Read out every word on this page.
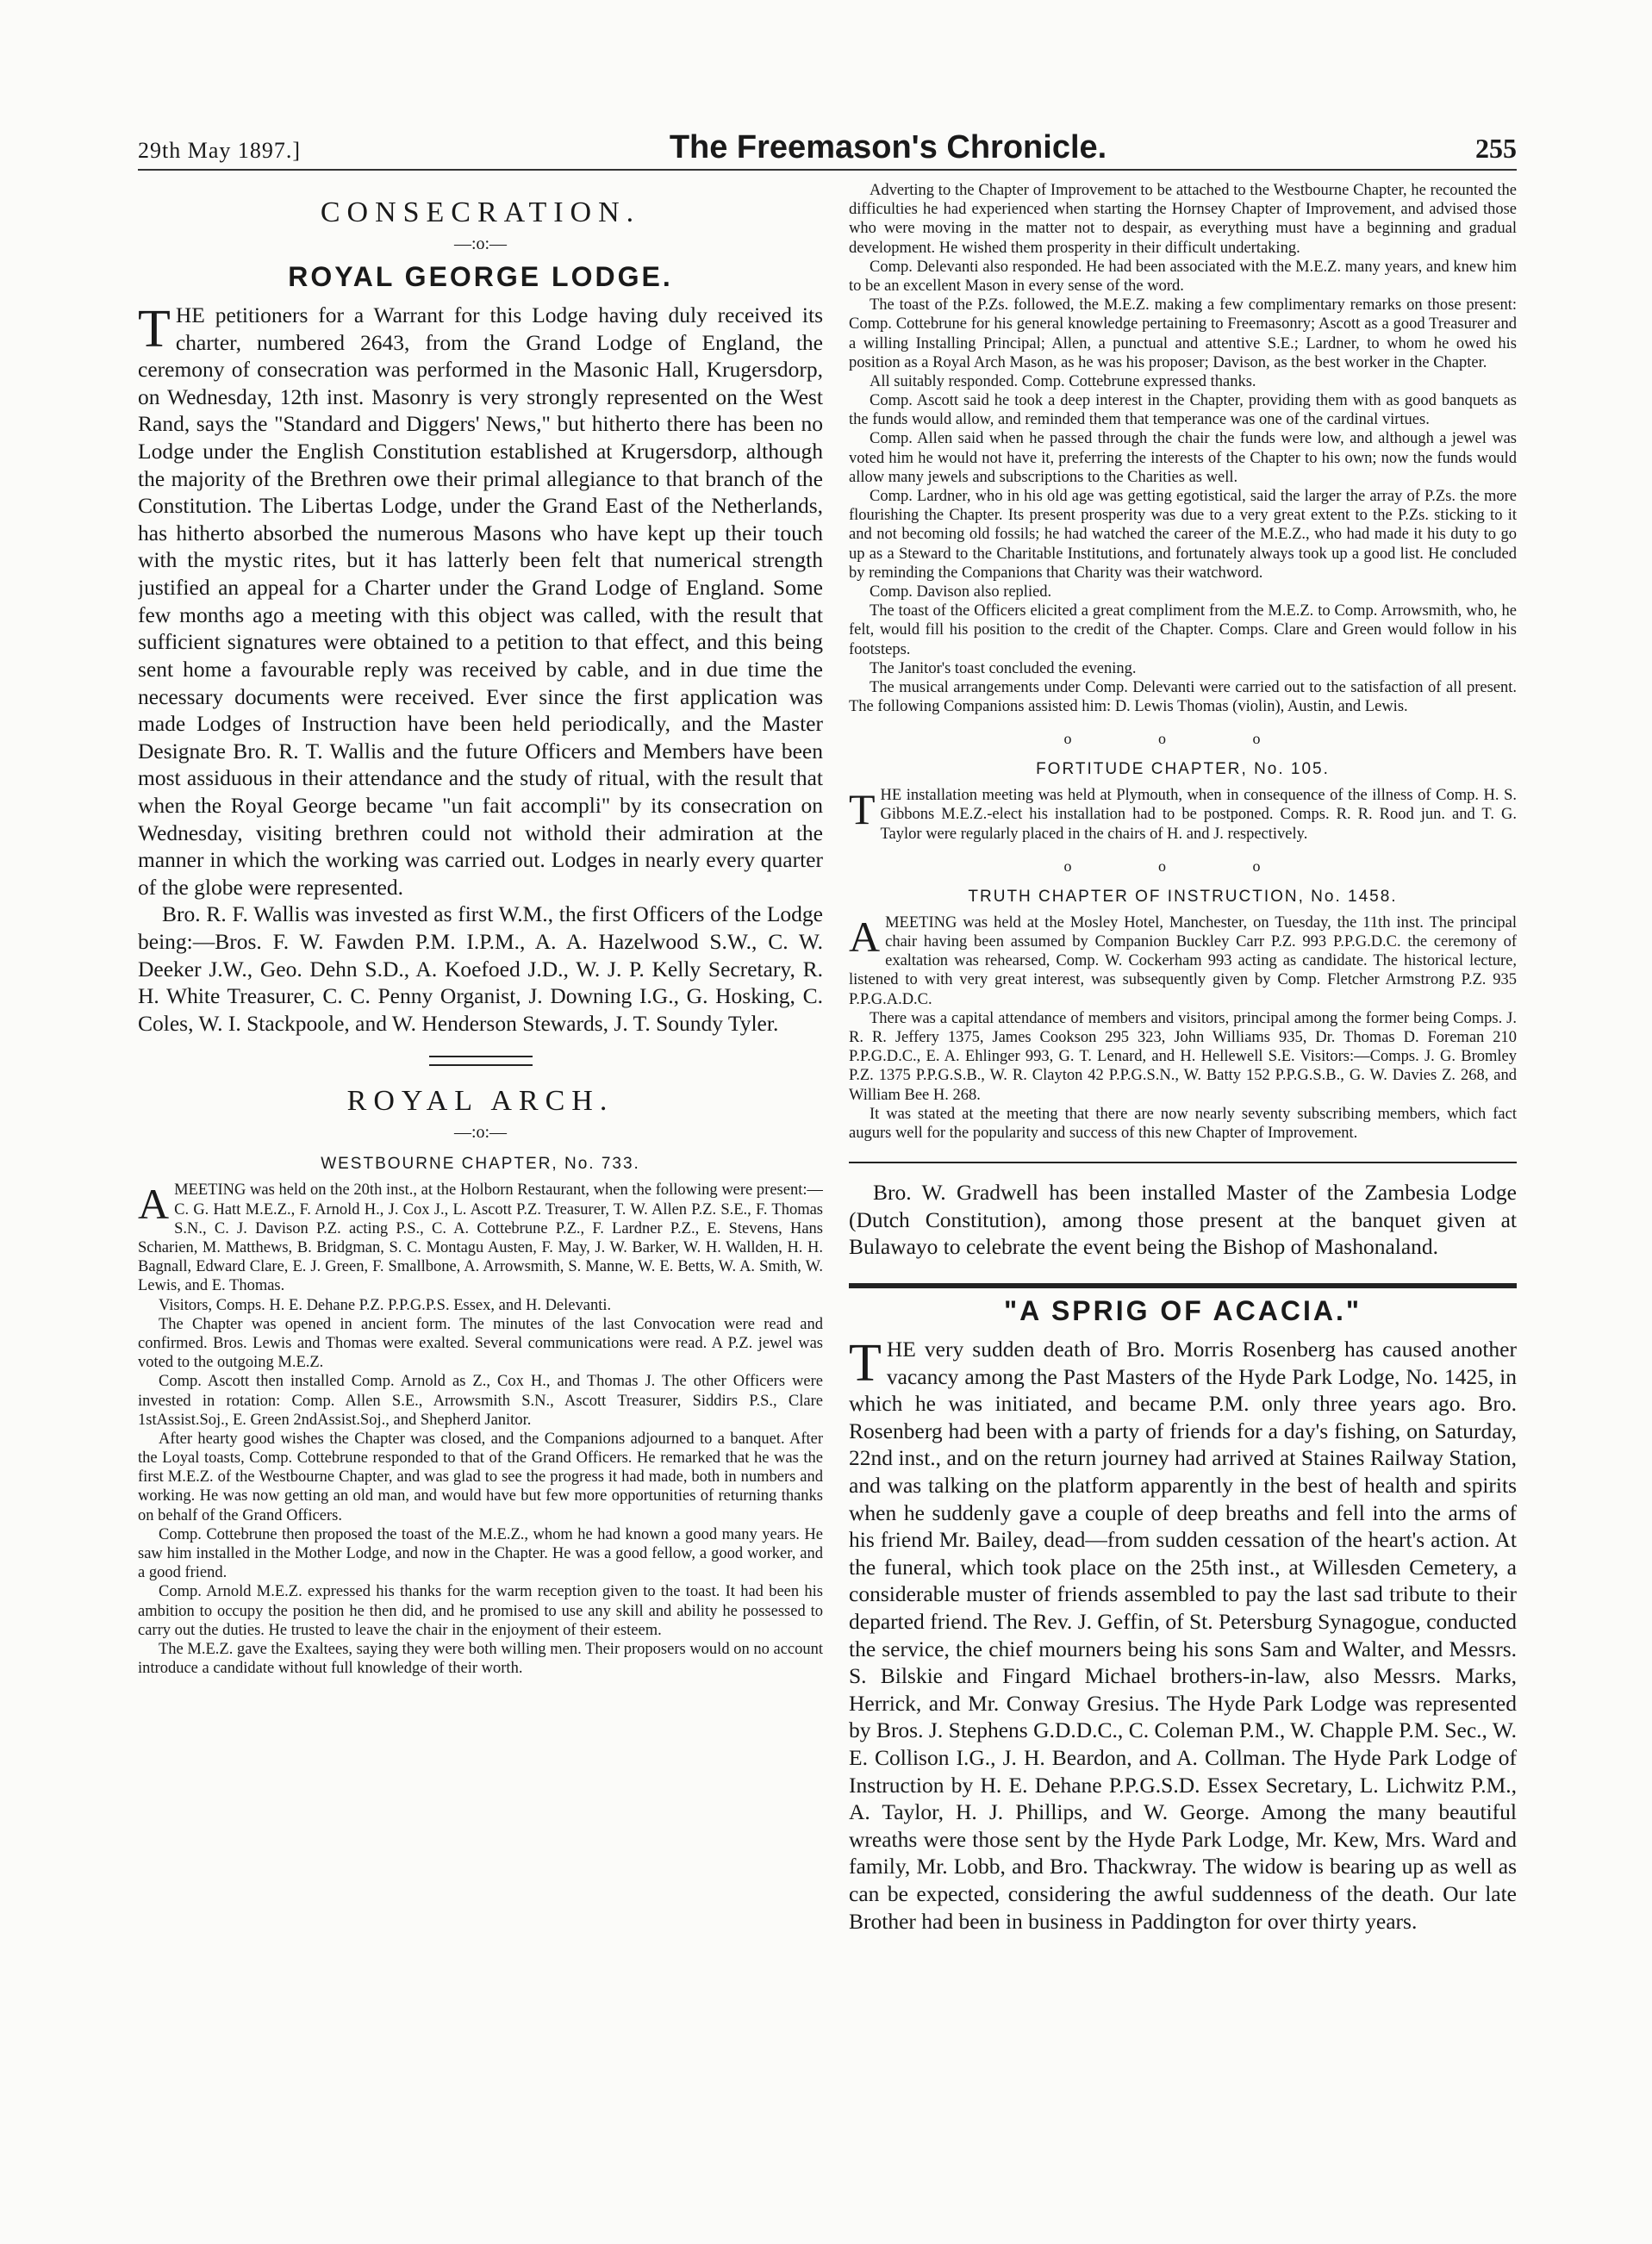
29th May 1897.]	The Freemason's Chronicle.	255
CONSECRATION.
—:o:—
ROYAL GEORGE LODGE.

THE petitioners for a Warrant for this Lodge having duly received its charter, numbered 2643, from the Grand Lodge of England, the ceremony of consecration was performed in the Masonic Hall, Krugersdorp, on Wednesday, 12th inst. Masonry is very strongly represented on the West Rand, says the "Standard and Diggers' News," but hitherto there has been no Lodge under the English Constitution established at Krugersdorp, although the majority of the Brethren owe their primal allegiance to that branch of the Constitution. The Libertas Lodge, under the Grand East of the Netherlands, has hitherto absorbed the numerous Masons who have kept up their touch with the mystic rites, but it has latterly been felt that numerical strength justified an appeal for a Charter under the Grand Lodge of England. Some few months ago a meeting with this object was called, with the result that sufficient signatures were obtained to a petition to that effect, and this being sent home a favourable reply was received by cable, and in due time the necessary documents were received. Ever since the first application was made Lodges of Instruction have been held periodically, and the Master Designate Bro. R. T. Wallis and the future Officers and Members have been most assiduous in their attendance and the study of ritual, with the result that when the Royal George became "un fait accompli" by its consecration on Wednesday, visiting brethren could not withold their admiration at the manner in which the working was carried out. Lodges in nearly every quarter of the globe were represented.

Bro. R. F. Wallis was invested as first W.M., the first Officers of the Lodge being:—Bros. F. W. Fawden P.M. I.P.M., A. A. Hazelwood S.W., C. W. Deeker J.W., Geo. Dehn S.D., A. Koefoed J.D., W. J. P. Kelly Secretary, R. H. White Treasurer, C. C. Penny Organist, J. Downing I.G., G. Hosking, C. Coles, W. I. Stackpoole, and W. Henderson Stewards, J. T. Soundy Tyler.

ROYAL ARCH.
—:o:—
WESTBOURNE CHAPTER, No. 733.

AMEETING was held on the 20th inst., at the Holborn Restaurant, when the following were present:—C. G. Hatt M.E.Z., F. Arnold H., J. Cox J., L. Ascott P.Z. Treasurer, T. W. Allen P.Z. S.E., F. Thomas S.N., C. J. Davison P.Z. acting P.S., C. A. Cottebrune P.Z., F. Lardner P.Z., E. Stevens, Hans Scharien, M. Matthews, B. Bridgman, S. C. Montagu Austen, F. May, J. W. Barker, W. H. Wallden, H. H. Bagnall, Edward Clare, E. J. Green, F. Smallbone, A. Arrowsmith, S. Manne, W. E. Betts, W. A. Smith, W. Lewis, and E. Thomas.

Visitors, Comps. H. E. Dehane P.Z. P.P.G.P.S. Essex, and H. Delevanti.

The Chapter was opened in ancient form. The minutes of the last Convocation were read and confirmed. Bros. Lewis and Thomas were exalted. Several communications were read. A P.Z. jewel was voted to the outgoing M.E.Z.

Comp. Ascott then installed Comp. Arnold as Z., Cox H., and Thomas J. The other Officers were invested in rotation: Comp. Allen S.E., Arrowsmith S.N., Ascott Treasurer, Siddirs P.S., Clare 1stAssist.Soj., E. Green 2ndAssist.Soj., and Shepherd Janitor.

After hearty good wishes the Chapter was closed, and the Companions adjourned to a banquet. After the Loyal toasts, Comp. Cottebrune responded to that of the Grand Officers. He remarked that he was the first M.E.Z. of the Westbourne Chapter, and was glad to see the progress it had made, both in numbers and working. He was now getting an old man, and would have but few more opportunities of returning thanks on behalf of the Grand Officers.

Comp. Cottebrune then proposed the toast of the M.E.Z., whom he had known a good many years. He saw him installed in the Mother Lodge, and now in the Chapter. He was a good fellow, a good worker, and a good friend.

Comp. Arnold M.E.Z. expressed his thanks for the warm reception given to the toast. It had been his ambition to occupy the position he then did, and he promised to use any skill and ability he possessed to carry out the duties. He trusted to leave the chair in the enjoyment of their esteem.

The M.E.Z. gave the Exaltees, saying they were both willing men. Their proposers would on no account introduce a candidate without full knowledge of their worth.

Adverting to the Chapter of Improvement to be attached to the Westbourne Chapter, he recounted the difficulties he had experienced when starting the Hornsey Chapter of Improvement, and advised those who were moving in the matter not to despair, as everything must have a beginning and gradual development. He wished them prosperity in their difficult undertaking.

Comp. Delevanti also responded. He had been associated with the M.E.Z. many years, and knew him to be an excellent Mason in every sense of the word.

The toast of the P.Zs. followed, the M.E.Z. making a few complimentary remarks on those present: Comp. Cottebrune for his general knowledge pertaining to Freemasonry; Ascott as a good Treasurer and a willing Installing Principal; Allen, a punctual and attentive S.E.; Lardner, to whom he owed his position as a Royal Arch Mason, as he was his proposer; Davison, as the best worker in the Chapter.

All suitably responded. Comp. Cottebrune expressed thanks.

Comp. Ascott said he took a deep interest in the Chapter, providing them with as good banquets as the funds would allow, and reminded them that temperance was one of the cardinal virtues.

Comp. Allen said when he passed through the chair the funds were low, and although a jewel was voted him he would not have it, preferring the interests of the Chapter to his own; now the funds would allow many jewels and subscriptions to the Charities as well.

Comp. Lardner, who in his old age was getting egotistical, said the larger the array of P.Zs. the more flourishing the Chapter. Its present prosperity was due to a very great extent to the P.Zs. sticking to it and not becoming old fossils; he had watched the career of the M.E.Z., who had made it his duty to go up as a Steward to the Charitable Institutions, and fortunately always took up a good list. He concluded by reminding the Companions that Charity was their watchword.

Comp. Davison also replied.

The toast of the Officers elicited a great compliment from the M.E.Z. to Comp. Arrowsmith, who, he felt, would fill his position to the credit of the Chapter. Comps. Clare and Green would follow in his footsteps.

The Janitor's toast concluded the evening.

The musical arrangements under Comp. Delevanti were carried out to the satisfaction of all present. The following Companions assisted him: D. Lewis Thomas (violin), Austin, and Lewis.

o o o
FORTITUDE CHAPTER, No. 105.

THE installation meeting was held at Plymouth, when in consequence of the illness of Comp. H. S. Gibbons M.E.Z.-elect his installation had to be postponed. Comps. R. R. Rood jun. and T. G. Taylor were regularly placed in the chairs of H. and J. respectively.

o o o
TRUTH CHAPTER OF INSTRUCTION, No. 1458.

AMEETING was held at the Mosley Hotel, Manchester, on Tuesday, the 11th inst. The principal chair having been assumed by Companion Buckley Carr P.Z. 993 P.P.G.D.C. the ceremony of exaltation was rehearsed, Comp. W. Cockerham 993 acting as candidate. The historical lecture, listened to with very great interest, was subsequently given by Comp. Fletcher Armstrong P.Z. 935 P.P.G.A.D.C.

There was a capital attendance of members and visitors, principal among the former being Comps. J. R. R. Jeffery 1375, James Cookson 295 323, John Williams 935, Dr. Thomas D. Foreman 210 P.P.G.D.C., E. A. Ehlinger 993, G. T. Lenard, and H. Hellewell S.E. Visitors:—Comps. J. G. Bromley P.Z. 1375 P.P.G.S.B., W. R. Clayton 42 P.P.G.S.N., W. Batty 152 P.P.G.S.B., G. W. Davies Z. 268, and William Bee H. 268.

It was stated at the meeting that there are now nearly seventy subscribing members, which fact augurs well for the popularity and success of this new Chapter of Improvement.

Bro. W. Gradwell has been installed Master of the Zambesia Lodge (Dutch Constitution), among those present at the banquet given at Bulawayo to celebrate the event being the Bishop of Mashonaland.

"A SPRIG OF ACACIA."

THE very sudden death of Bro. Morris Rosenberg has caused another vacancy among the Past Masters of the Hyde Park Lodge, No. 1425, in which he was initiated, and became P.M. only three years ago. Bro. Rosenberg had been with a party of friends for a day's fishing, on Saturday, 22nd inst., and on the return journey had arrived at Staines Railway Station, and was talking on the platform apparently in the best of health and spirits when he suddenly gave a couple of deep breaths and fell into the arms of his friend Mr. Bailey, dead—from sudden cessation of the heart's action. At the funeral, which took place on the 25th inst., at Willesden Cemetery, a considerable muster of friends assembled to pay the last sad tribute to their departed friend. The Rev. J. Geffin, of St. Petersburg Synagogue, conducted the service, the chief mourners being his sons Sam and Walter, and Messrs. S. Bilskie and Fingard Michael brothers-in-law, also Messrs. Marks, Herrick, and Mr. Conway Gresius. The Hyde Park Lodge was represented by Bros. J. Stephens G.D.D.C., C. Coleman P.M., W. Chapple P.M. Sec., W. E. Collison I.G., J. H. Beardon, and A. Collman. The Hyde Park Lodge of Instruction by H. E. Dehane P.P.G.S.D. Essex Secretary, L. Lichwitz P.M., A. Taylor, H. J. Phillips, and W. George. Among the many beautiful wreaths were those sent by the Hyde Park Lodge, Mr. Kew, Mrs. Ward and family, Mr. Lobb, and Bro. Thackwray. The widow is bearing up as well as can be expected, considering the awful suddenness of the death. Our late Brother had been in business in Paddington for over thirty years.
